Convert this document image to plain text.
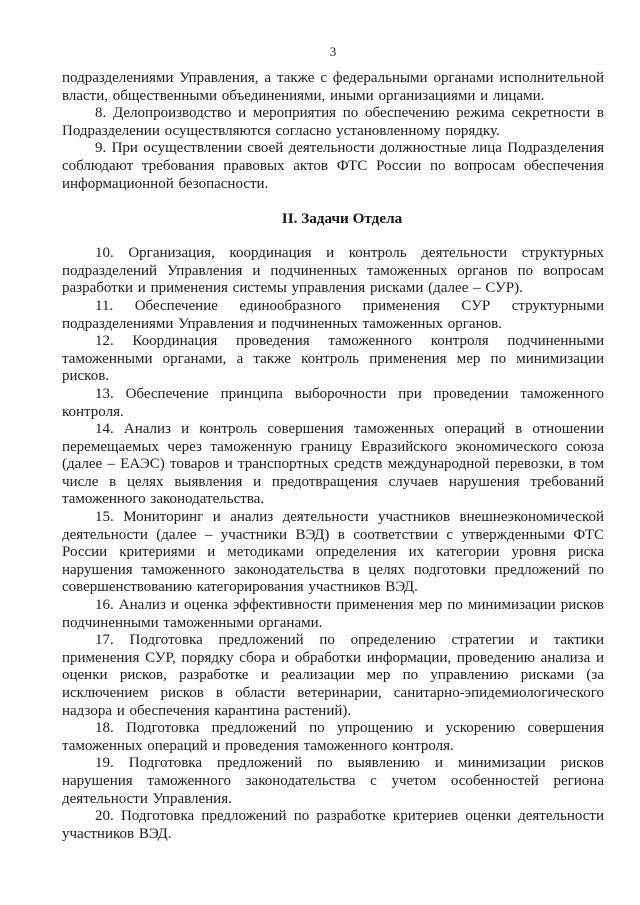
3

подразделениями Управления, а также с федеральными органами исполнительной власти, общественными объединениями, иными организациями и лицами.

8. Делопроизводство и мероприятия по обеспечению режима секретности в Подразделении осуществляются согласно установленному порядку.

9. При осуществлении своей деятельности должностные лица Подразделения соблюдают требования правовых актов ФТС России по вопросам обеспечения информационной безопасности.

II. Задачи Отдела

10. Организация, координация и контроль деятельности структурных подразделений Управления и подчиненных таможенных органов по вопросам разработки и применения системы управления рисками (далее – СУР).

11. Обеспечение единообразного применения СУР структурными подразделениями Управления и подчиненных таможенных органов.

12. Координация проведения таможенного контроля подчиненными таможенными органами, а также контроль применения мер по минимизации рисков.

13. Обеспечение принципа выборочности при проведении таможенного контроля.

14. Анализ и контроль совершения таможенных операций в отношении перемещаемых через таможенную границу Евразийского экономического союза (далее – ЕАЭС) товаров и транспортных средств международной перевозки, в том числе в целях выявления и предотвращения случаев нарушения требований таможенного законодательства.

15. Мониторинг и анализ деятельности участников внешнеэкономической деятельности (далее – участники ВЭД) в соответствии с утвержденными ФТС России критериями и методиками определения их категории уровня риска нарушения таможенного законодательства в целях подготовки предложений по совершенствованию категорирования участников ВЭД.

16. Анализ и оценка эффективности применения мер по минимизации рисков подчиненными таможенными органами.

17. Подготовка предложений по определению стратегии и тактики применения СУР, порядку сбора и обработки информации, проведению анализа и оценки рисков, разработке и реализации мер по управлению рисками (за исключением рисков в области ветеринарии, санитарно-эпидемиологического надзора и обеспечения карантина растений).

18. Подготовка предложений по упрощению и ускорению совершения таможенных операций и проведения таможенного контроля.

19. Подготовка предложений по выявлению и минимизации рисков нарушения таможенного законодательства с учетом особенностей региона деятельности Управления.

20. Подготовка предложений по разработке критериев оценки деятельности участников ВЭД.
